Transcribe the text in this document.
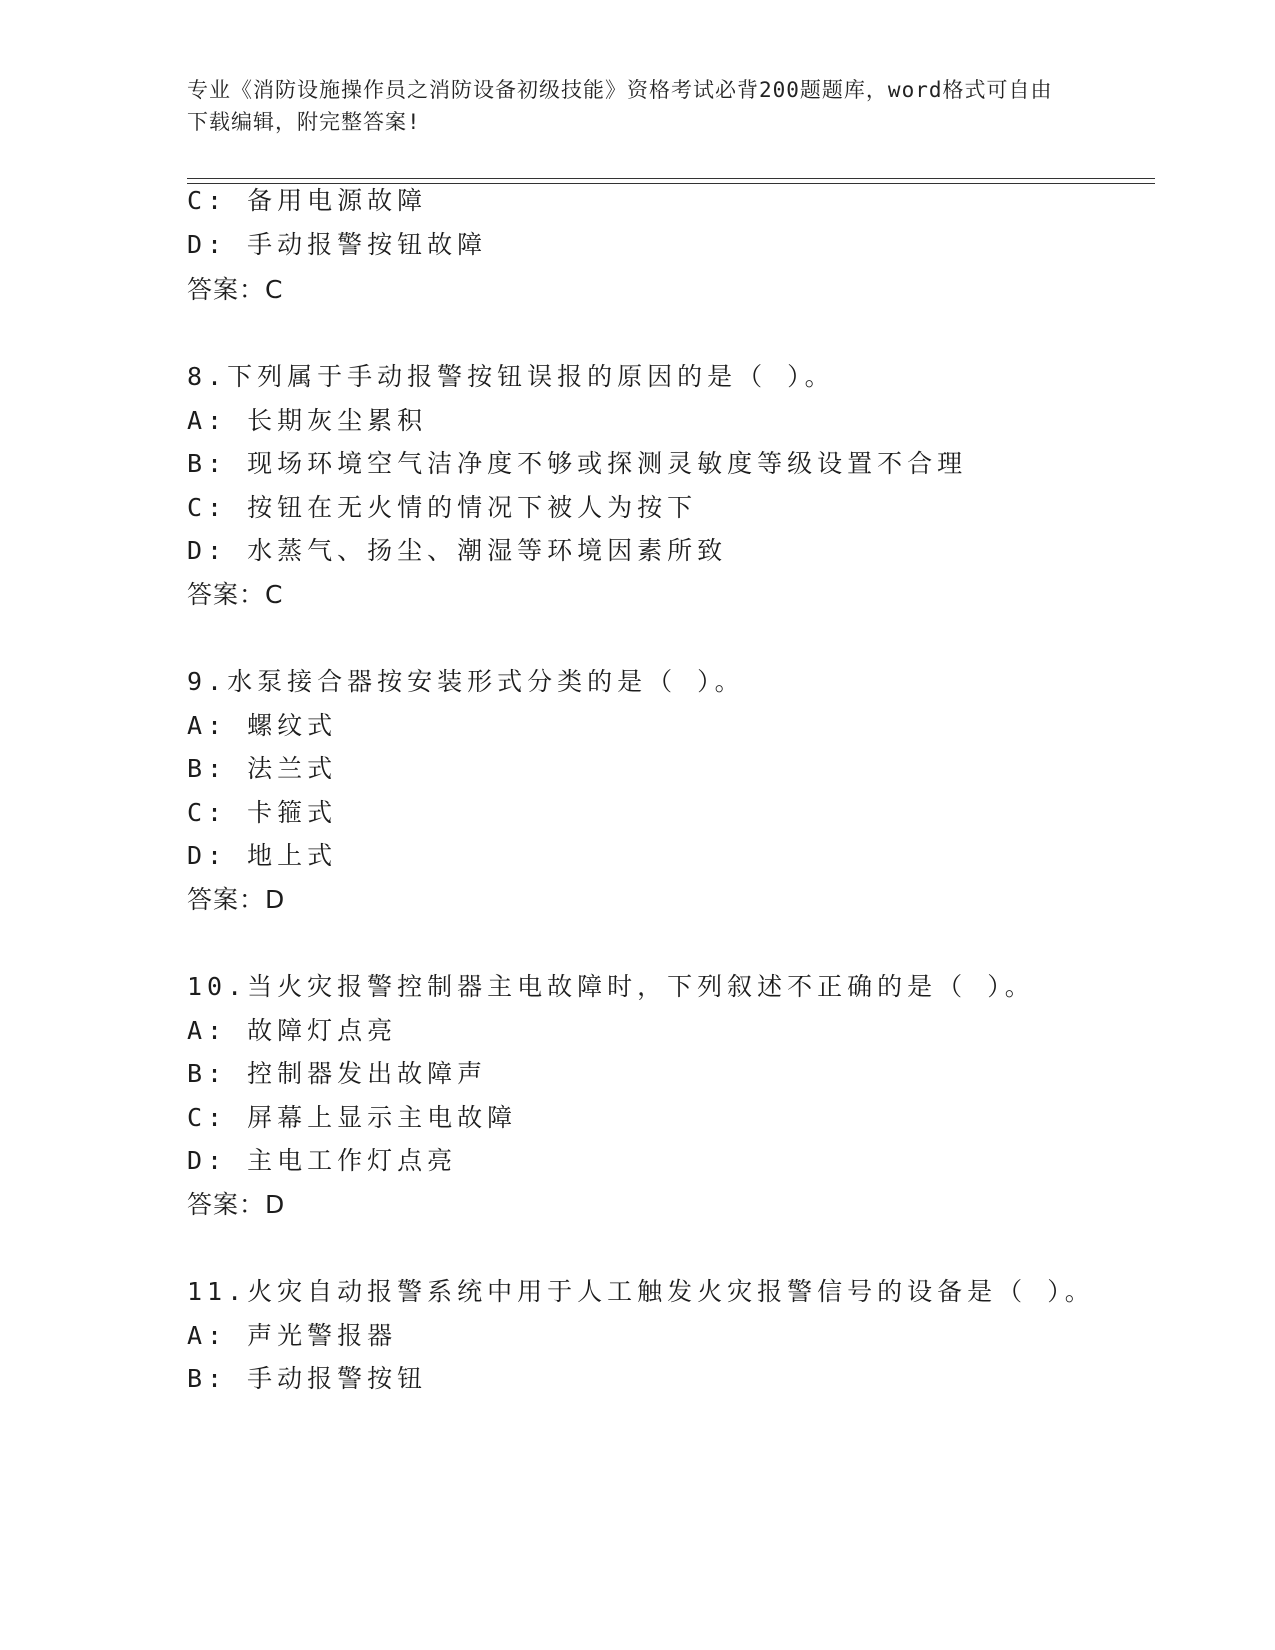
专业《消防设施操作员之消防设备初级技能》资格考试必背200题题库，word格式可自由下载编辑，附完整答案!
C: 备用电源故障
D: 手动报警按钮故障
答案：C
8.下列属于手动报警按钮误报的原因的是（ ）。
A: 长期灰尘累积
B: 现场环境空气洁净度不够或探测灵敏度等级设置不合理
C: 按钮在无火情的情况下被人为按下
D: 水蒸气、扬尘、潮湿等环境因素所致
答案：C
9.水泵接合器按安装形式分类的是（ ）。
A: 螺纹式
B: 法兰式
C: 卡箍式
D: 地上式
答案：D
10.当火灾报警控制器主电故障时，下列叙述不正确的是（ ）。
A: 故障灯点亮
B: 控制器发出故障声
C: 屏幕上显示主电故障
D: 主电工作灯点亮
答案：D
11.火灾自动报警系统中用于人工触发火灾报警信号的设备是（ ）。
A: 声光警报器
B: 手动报警按钮
